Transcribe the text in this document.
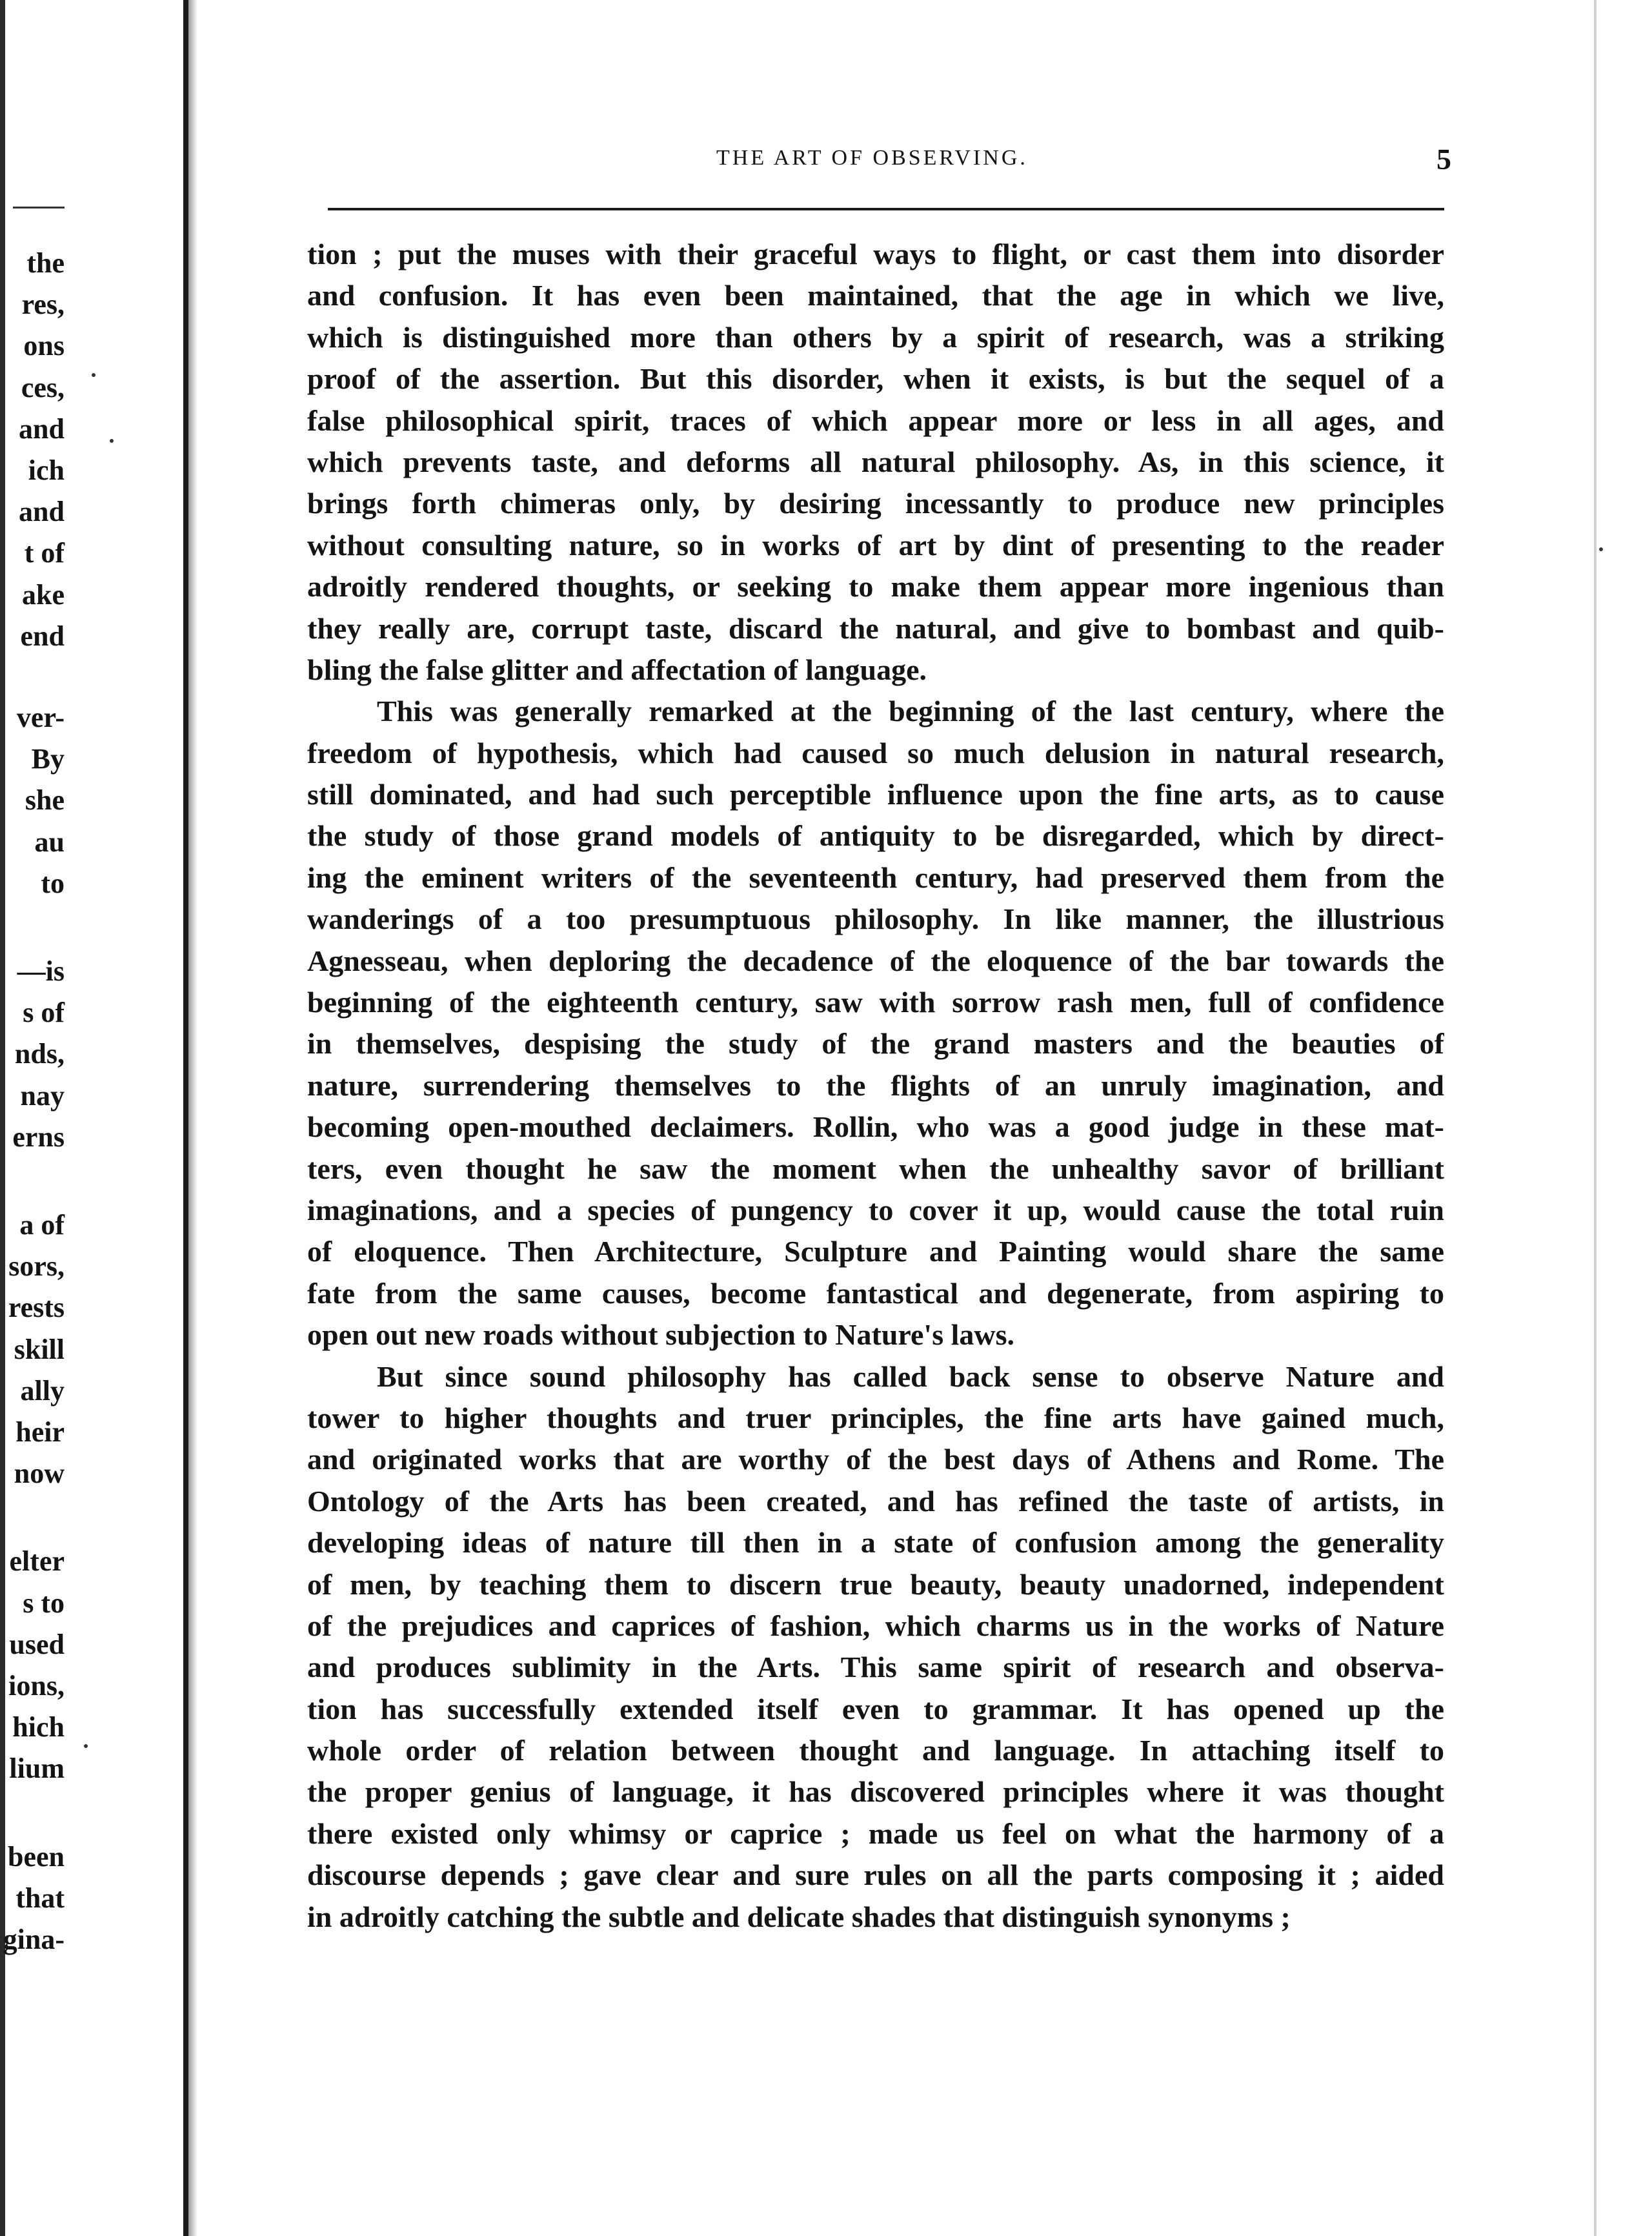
the
res,
ons
ces,
and
ich
and
t of
ake
end
ver-
By
she
au
to
—is
s of
nds,
nay
erns
a of
sors,
rests
skill
ally
heir
now
elter
s to
used
ions,
hich
lium
been
that
gina-
THE ART OF OBSERVING.	5
tion ; put the muses with their graceful ways to flight, or cast them into disorder
and confusion. It has even been maintained, that the age in which we live,
which is distinguished more than others by a spirit of research, was a striking
proof of the assertion. But this disorder, when it exists, is but the sequel of a
false philosophical spirit, traces of which appear more or less in all ages, and
which prevents taste, and deforms all natural philosophy. As, in this science, it
brings forth chimeras only, by desiring incessantly to produce new principles
without consulting nature, so in works of art by dint of presenting to the reader
adroitly rendered thoughts, or seeking to make them appear more ingenious than
they really are, corrupt taste, discard the natural, and give to bombast and quib-
bling the false glitter and affectation of language.
This was generally remarked at the beginning of the last century, where the
freedom of hypothesis, which had caused so much delusion in natural research,
still dominated, and had such perceptible influence upon the fine arts, as to cause
the study of those grand models of antiquity to be disregarded, which by direct-
ing the eminent writers of the seventeenth century, had preserved them from the
wanderings of a too presumptuous philosophy. In like manner, the illustrious
Agnesseau, when deploring the decadence of the eloquence of the bar towards the
beginning of the eighteenth century, saw with sorrow rash men, full of confidence
in themselves, despising the study of the grand masters and the beauties of
nature, surrendering themselves to the flights of an unruly imagination, and
becoming open-mouthed declaimers. Rollin, who was a good judge in these mat-
ters, even thought he saw the moment when the unhealthy savor of brilliant
imaginations, and a species of pungency to cover it up, would cause the total ruin
of eloquence. Then Architecture, Sculpture and Painting would share the same
fate from the same causes, become fantastical and degenerate, from aspiring to
open out new roads without subjection to Nature's laws.
But since sound philosophy has called back sense to observe Nature and
tower to higher thoughts and truer principles, the fine arts have gained much,
and originated works that are worthy of the best days of Athens and Rome. The
Ontology of the Arts has been created, and has refined the taste of artists, in
developing ideas of nature till then in a state of confusion among the generality
of men, by teaching them to discern true beauty, beauty unadorned, independent
of the prejudices and caprices of fashion, which charms us in the works of Nature
and produces sublimity in the Arts. This same spirit of research and observa-
tion has successfully extended itself even to grammar. It has opened up the
whole order of relation between thought and language. In attaching itself to
the proper genius of language, it has discovered principles where it was thought
there existed only whimsy or caprice ; made us feel on what the harmony of a
discourse depends ; gave clear and sure rules on all the parts composing it ; aided
in adroitly catching the subtle and delicate shades that distinguish synonyms ;
